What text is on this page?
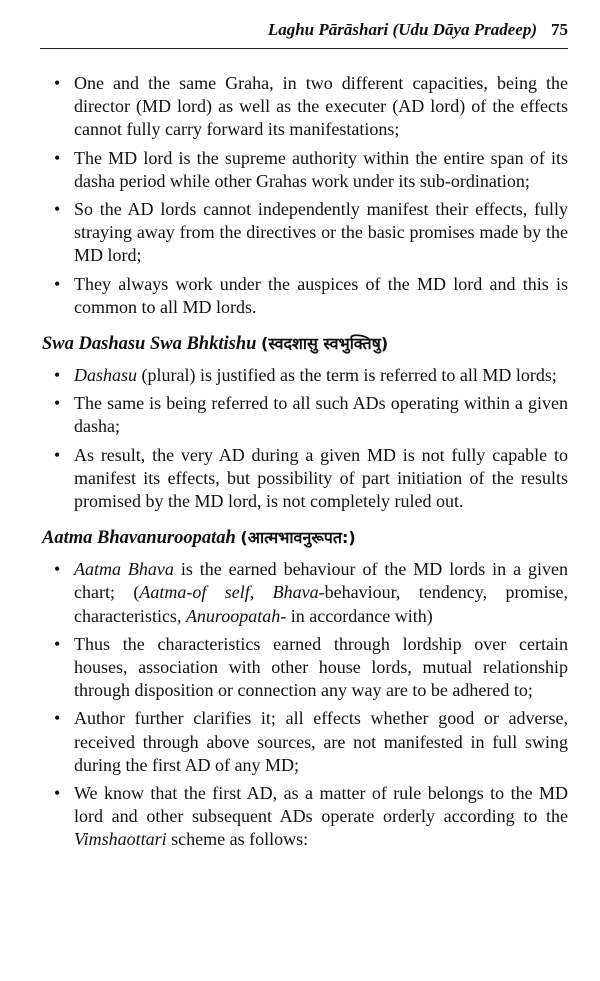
Laghu Pārāshari (Udu Dāya Pradeep) 75
• One and the same Graha, in two different capacities, being the director (MD lord) as well as the executer (AD lord) of the effects cannot fully carry forward its manifestations;
• The MD lord is the supreme authority within the entire span of its dasha period while other Grahas work under its sub-ordination;
• So the AD lords cannot independently manifest their effects, fully straying away from the directives or the basic promises made by the MD lord;
• They always work under the auspices of the MD lord and this is common to all MD lords.
Swa Dashasu Swa Bhktishu (स्वदशासु स्वभुक्तिषु)
• Dashasu (plural) is justified as the term is referred to all MD lords;
• The same is being referred to all such ADs operating within a given dasha;
• As result, the very AD during a given MD is not fully capable to manifest its effects, but possibility of part initiation of the results promised by the MD lord, is not completely ruled out.
Aatma Bhavanuroopatah (आत्मभावनुरूपत:)
• Aatma Bhava is the earned behaviour of the MD lords in a given chart; (Aatma-of self, Bhava-behaviour, tendency, promise, characteristics, Anuroopatah- in accordance with)
• Thus the characteristics earned through lordship over certain houses, association with other house lords, mutual relationship through disposition or connection any way are to be adhered to;
• Author further clarifies it; all effects whether good or adverse, received through above sources, are not manifested in full swing during the first AD of any MD;
• We know that the first AD, as a matter of rule belongs to the MD lord and other subsequent ADs operate orderly according to the Vimshaottari scheme as follows:
